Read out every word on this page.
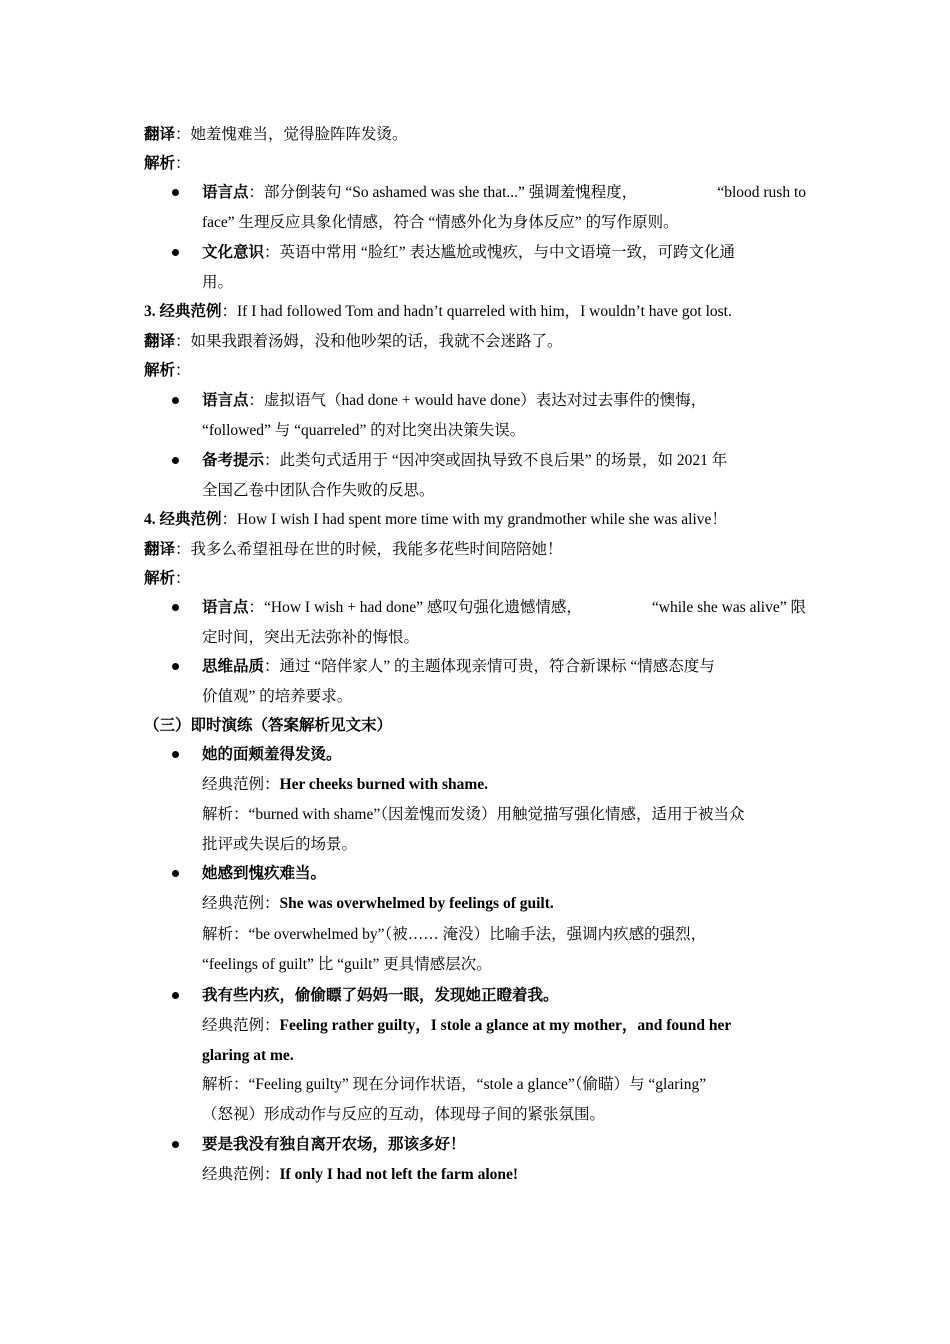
翻译：她羞愧难当，觉得脸阵阵发烫。
解析：
语言点：部分倒装句 “So ashamed was she that...” 强调羞愧程度，	“blood rush to
face” 生理反应具象化情感，符合 “情感外化为身体反应” 的写作原则。
文化意识：英语中常用 “脸红” 表达尴尬或愧疚，与中文语境一致，可跨文化通
用。
3. 经典范例：If I had followed Tom and hadn’t quarreled with him，I wouldn’t have got lost.
翻译：如果我跟着汤姆，没和他吵架的话，我就不会迷路了。
解析：
语言点：虚拟语气（had done + would have done）表达对过去事件的懊悔，
“followed” 与 “quarreled” 的对比突出决策失误。
备考提示：此类句式适用于 “因冲突或固执导致不良后果” 的场景，如 2021 年
全国乙卷中团队合作失败的反思。
4. 经典范例：How I wish I had spent more time with my grandmother while she was alive！
翻译：我多么希望祖母在世的时候，我能多花些时间陪陪她！
解析：
语言点：“How I wish + had done” 感叹句强化遗憾情感，	“while she was alive” 限
定时间，突出无法弥补的悔恨。
思维品质：通过 “陪伴家人” 的主题体现亲情可贵，符合新课标 “情感态度与
价值观” 的培养要求。
（三）即时演练（答案解析见文末）
她的面颊羞得发烫。
经典范例：Her cheeks burned with shame.
解析：“burned with shame”（因羞愧而发烫）用触觉描写强化情感，适用于被当众
批评或失误后的场景。
她感到愧疚难当。
经典范例：She was overwhelmed by feelings of guilt.
解析：“be overwhelmed by”（被…… 淹没）比喻手法，强调内疚感的强烈，
“feelings of guilt” 比 “guilt” 更具情感层次。
我有些内疚，偷偷瞟了妈妈一眼，发现她正瞪着我。
经典范例：Feeling rather guilty，I stole a glance at my mother，and found her
glaring at me.
解析：“Feeling guilty” 现在分词作状语，“stole a glance”（偷瞄）与 “glaring”
（怒视）形成动作与反应的互动，体现母子间的紧张氛围。
要是我没有独自离开农场，那该多好！
经典范例：If only I had not left the farm alone!
